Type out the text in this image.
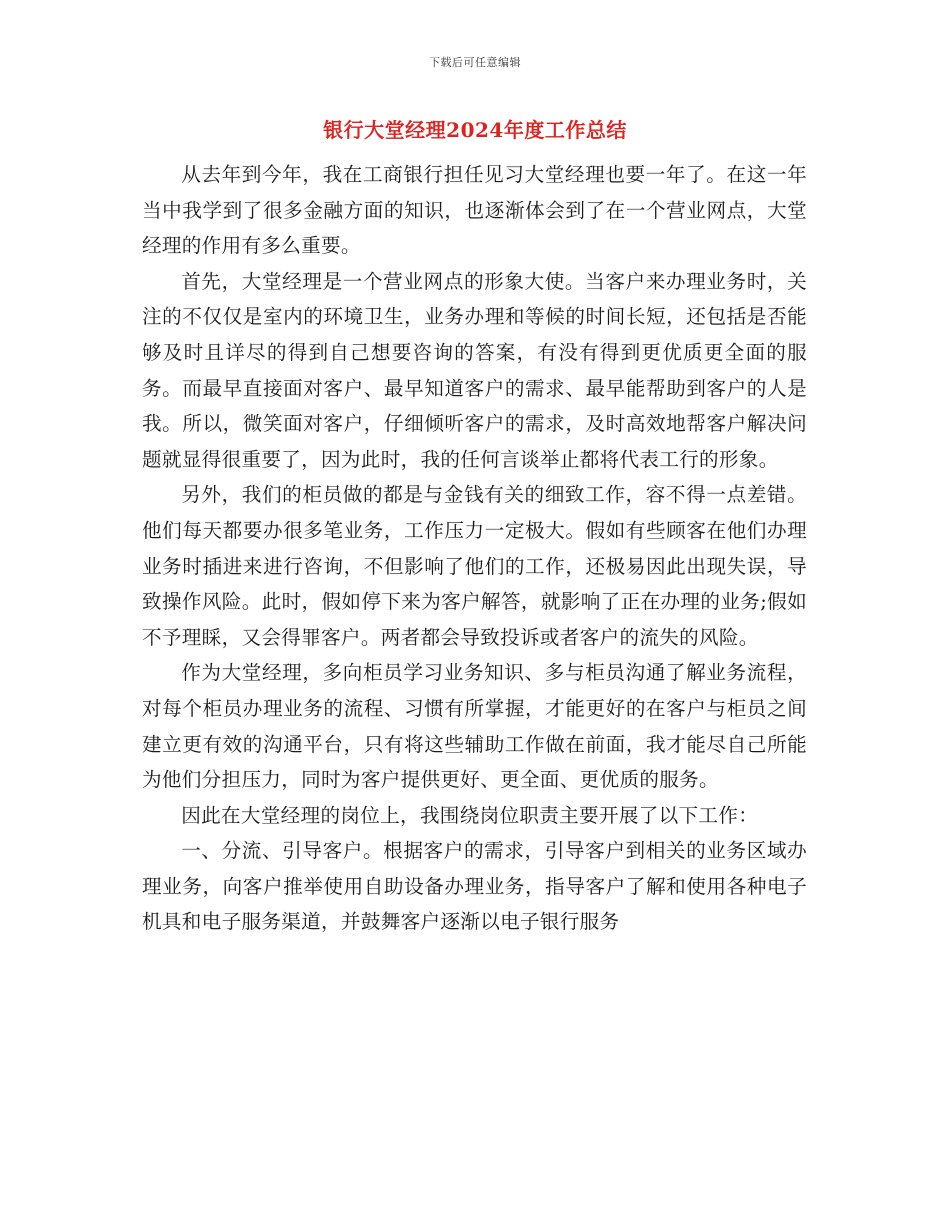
下载后可任意编辑
银行大堂经理2024年度工作总结

从去年到今年，我在工商银行担任见习大堂经理也要一年了。在这一年当中我学到了很多金融方面的知识，也逐渐体会到了在一个营业网点，大堂经理的作用有多么重要。

首先，大堂经理是一个营业网点的形象大使。当客户来办理业务时，关注的不仅仅是室内的环境卫生，业务办理和等候的时间长短，还包括是否能够及时且详尽的得到自己想要咨询的答案，有没有得到更优质更全面的服务。而最早直接面对客户、最早知道客户的需求、最早能帮助到客户的人是我。所以，微笑面对客户，仔细倾听客户的需求，及时高效地帮客户解决问题就显得很重要了，因为此时，我的任何言谈举止都将代表工行的形象。

另外，我们的柜员做的都是与金钱有关的细致工作，容不得一点差错。他们每天都要办很多笔业务，工作压力一定极大。假如有些顾客在他们办理业务时插进来进行咨询，不但影响了他们的工作，还极易因此出现失误，导致操作风险。此时，假如停下来为客户解答，就影响了正在办理的业务;假如不予理睬，又会得罪客户。两者都会导致投诉或者客户的流失的风险。

作为大堂经理，多向柜员学习业务知识、多与柜员沟通了解业务流程，对每个柜员办理业务的流程、习惯有所掌握，才能更好的在客户与柜员之间建立更有效的沟通平台，只有将这些辅助工作做在前面，我才能尽自己所能为他们分担压力，同时为客户提供更好、更全面、更优质的服务。

因此在大堂经理的岗位上，我围绕岗位职责主要开展了以下工作：

一、分流、引导客户。根据客户的需求，引导客户到相关的业务区域办理业务，向客户推举使用自助设备办理业务，指导客户了解和使用各种电子机具和电子服务渠道，并鼓舞客户逐渐以电子银行服务
